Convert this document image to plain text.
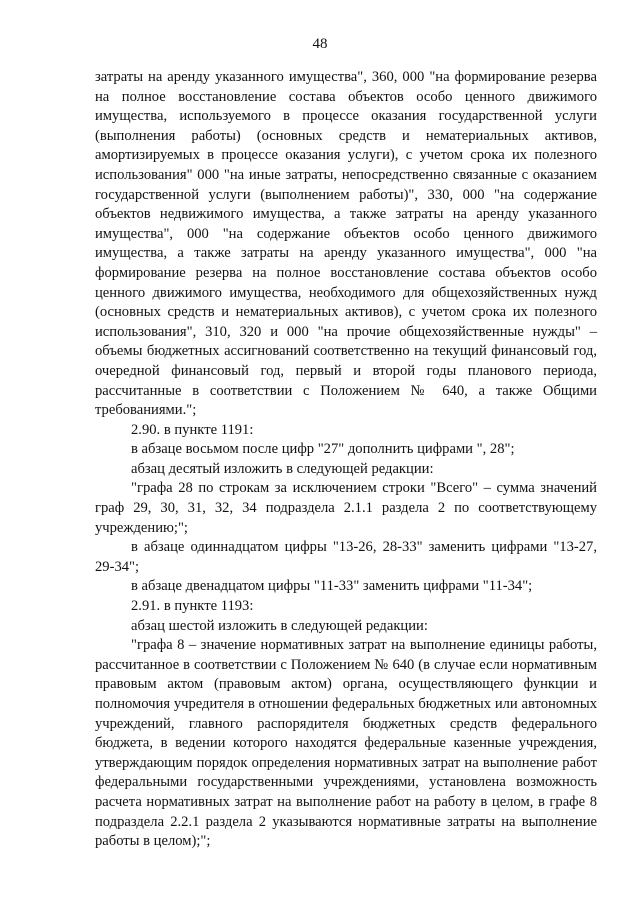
48

затраты на аренду указанного имущества", 360, 000 "на формирование резерва на полное восстановление состава объектов особо ценного движимого имущества, используемого в процессе оказания государственной услуги (выполнения работы) (основных средств и нематериальных активов, амортизируемых в процессе оказания услуги), с учетом срока их полезного использования" 000 "на иные затраты, непосредственно связанные с оказанием государственной услуги (выполнением работы)", 330, 000 "на содержание объектов недвижимого имущества, а также затраты на аренду указанного имущества", 000 "на содержание объектов особо ценного движимого имущества, а также затраты на аренду указанного имущества", 000 "на формирование резерва на полное восстановление состава объектов особо ценного движимого имущества, необходимого для общехозяйственных нужд (основных средств и нематериальных активов), с учетом срока их полезного использования", 310, 320 и 000 "на прочие общехозяйственные нужды" – объемы бюджетных ассигнований соответственно на текущий финансовый год, очередной финансовый год, первый и второй годы планового периода, рассчитанные в соответствии с Положением № 640, а также Общими требованиями.";

2.90. в пункте 1191:

в абзаце восьмом после цифр "27" дополнить цифрами ", 28";

абзац десятый изложить в следующей редакции:

"графа 28 по строкам за исключением строки "Всего" – сумма значений граф 29, 30, 31, 32, 34 подраздела 2.1.1 раздела 2 по соответствующему учреждению;";

в абзаце одиннадцатом цифры "13-26, 28-33" заменить цифрами "13-27, 29-34";

в абзаце двенадцатом цифры "11-33" заменить цифрами "11-34";

2.91. в пункте 1193:

абзац шестой изложить в следующей редакции:

"графа 8 – значение нормативных затрат на выполнение единицы работы, рассчитанное в соответствии с Положением № 640 (в случае если нормативным правовым актом (правовым актом) органа, осуществляющего функции и полномочия учредителя в отношении федеральных бюджетных или автономных учреждений, главного распорядителя бюджетных средств федерального бюджета, в ведении которого находятся федеральные казенные учреждения, утверждающим порядок определения нормативных затрат на выполнение работ федеральными государственными учреждениями, установлена возможность расчета нормативных затрат на выполнение работ на работу в целом, в графе 8 подраздела 2.2.1 раздела 2 указываются нормативные затраты на выполнение работы в целом);";
